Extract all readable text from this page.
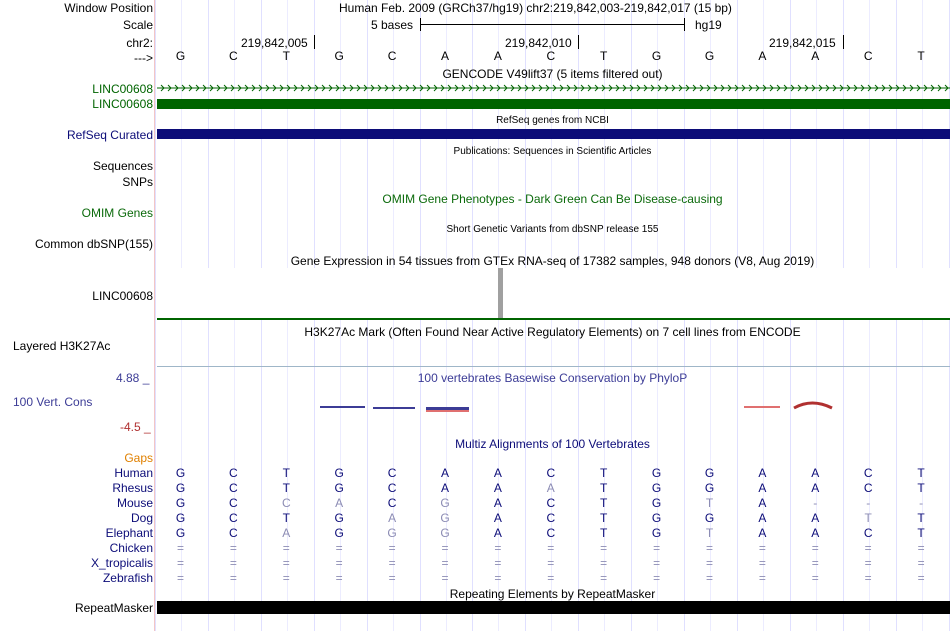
Window Position	Human Feb. 2009 (GRCh37/hg19) chr2:219,842,003-219,842,017 (15 bp)
Scale	5 bases	hg19
chr2:	219,842,005	219,842,010	219,842,015
--->	G	C	T	G	C	A	A	C	T	G	G	A	A	C	T
GENCODE V49lift37 (5 items filtered out)
LINC00608
LINC00608
RefSeq genes from NCBI
RefSeq Curated
Publications: Sequences in Scientific Articles
Sequences
SNPs
OMIM Gene Phenotypes - Dark Green Can Be Disease-causing
OMIM Genes
Short Genetic Variants from dbSNP release 155
Common dbSNP(155)
Gene Expression in 54 tissues from GTEx RNA-seq of 17382 samples, 948 donors (V8, Aug 2019)
LINC00608
H3K27Ac Mark (Often Found Near Active Regulatory Elements) on 7 cell lines from ENCODE
Layered H3K27Ac
100 vertebrates Basewise Conservation by PhyloP
4.88 _
100 Vert. Cons
-4.5 _
Multiz Alignments of 100 Vertebrates
Gaps
Human	G	C	T	G	C	A	A	C	T	G	G	A	A	C	T
Rhesus	G	C	T	G	C	A	A	A	T	G	G	A	A	C	T
Mouse	G	C	C	A	C	G	A	C	T	G	T	A	-	-	-
Dog	G	C	T	G	A	G	A	C	T	G	G	A	A	T	T
Elephant	G	C	A	G	G	G	A	C	T	G	T	A	A	C	T
Chicken	=	=	=	=	=	=	=	=	=	=	=	=	=	=	=
X_tropicalis	=	=	=	=	=	=	=	=	=	=	=	=	=	=	=
Zebrafish	=	=	=	=	=	=	=	=	=	=	=	=	=	=	=
Repeating Elements by RepeatMasker
RepeatMasker
